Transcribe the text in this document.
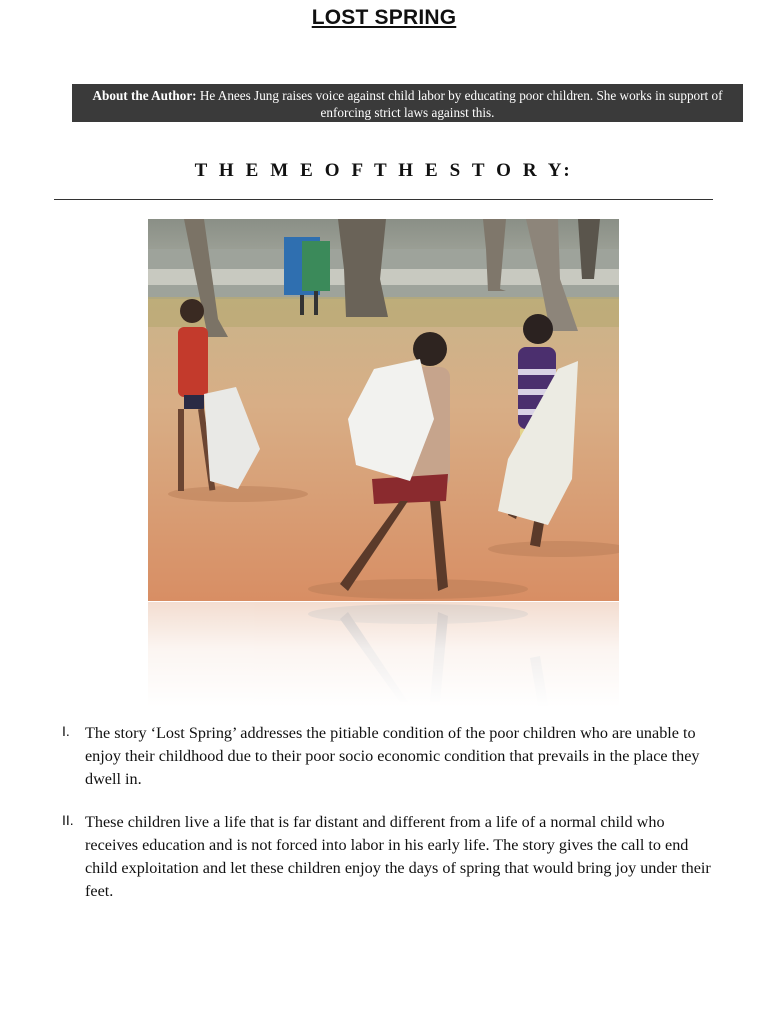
LOST SPRING
About the Author: He Anees Jung raises voice against child labor by educating poor children. She works in support of enforcing strict laws against this.
T H E M E O F T H E S T O R Y:
I. The story ‘Lost Spring’ addresses the pitiable condition of the poor children who are unable to enjoy their childhood due to their poor socio economic condition that prevails in the place they dwell in.
II. These children live a life that is far distant and different from a life of a normal child who receives education and is not forced into labor in his early life. The story gives the call to end child exploitation and let these children enjoy the days of spring that would bring joy under their feet.
